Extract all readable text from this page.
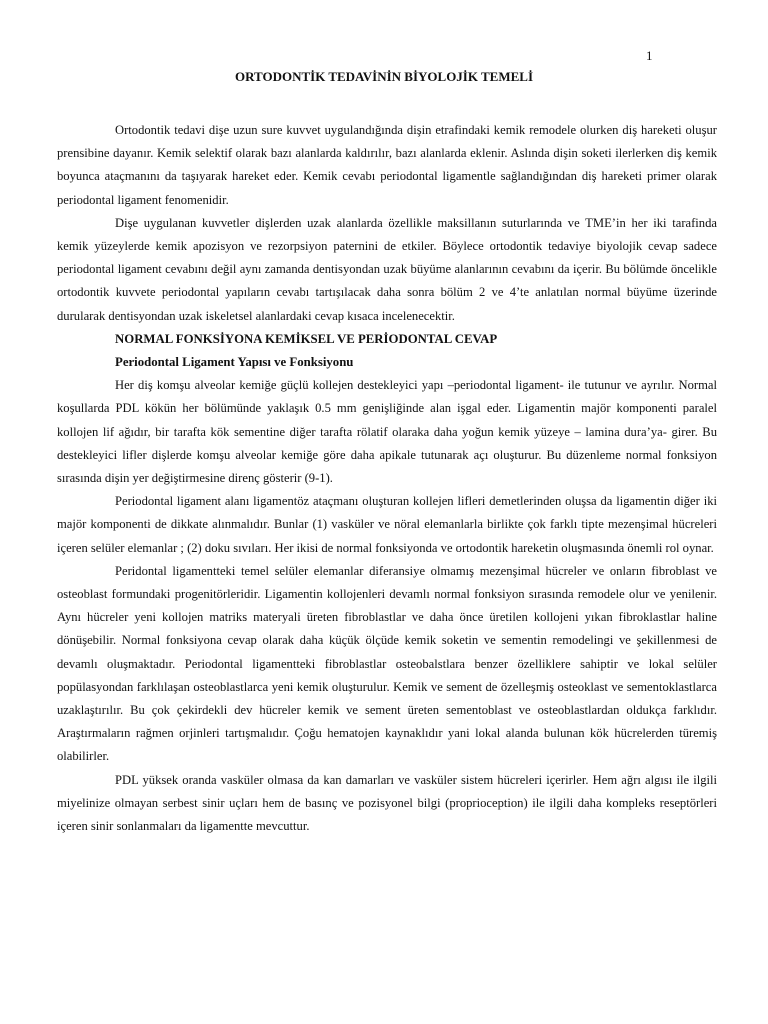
1
ORTODONTİK TEDAVİNİN BİYOLOJİK TEMELİ

Ortodontik tedavi dişe uzun sure kuvvet uygulandığında dişin etrafindaki kemik remodele olurken diş hareketi oluşur prensibine dayanır. Kemik selektif olarak bazı alanlarda kaldırılır, bazı alanlarda eklenir. Aslında dişin soketi ilerlerken diş kemik boyunca ataçmanını da taşıyarak hareket eder. Kemik cevabı periodontal ligamentle sağlandığından diş hareketi primer olarak periodontal ligament fenomenidir.

Dişe uygulanan kuvvetler dişlerden uzak alanlarda özellikle maksillanın suturlarında ve TME’in her iki tarafinda kemik yüzeylerde kemik apozisyon ve rezorpsiyon paternini de etkiler. Böylece ortodontik tedaviye biyolojik cevap sadece periodontal ligament cevabını değil aynı zamanda dentisyondan uzak büyüme alanlarının cevabını da içerir. Bu bölümde öncelikle ortodontik kuvvete periodontal yapıların cevabı tartışılacak daha sonra bölüm 2 ve 4’te anlatılan normal büyüme üzerinde durularak dentisyondan uzak iskeletsel alanlardaki cevap kısaca incelenecektir.

NORMAL FONKSİYONA KEMİKSEL VE PERİODONTAL CEVAP
Periodontal Ligament Yapısı ve Fonksiyonu

Her diş komşu alveolar kemiğe güçlü kollejen destekleyici yapı –periodontal ligament- ile tutunur ve ayrılır. Normal koşullarda PDL kökün her bölümünde yaklaşık 0.5 mm genişliğinde alan işgal eder. Ligamentin majör komponenti paralel kollojen lif ağıdır, bir tarafta kök sementine diğer tarafta rölatif olaraka daha yoğun kemik yüzeye – lamina dura’ya- girer. Bu destekleyici lifler dişlerde komşu alveolar kemiğe göre daha apikale tutunarak açı oluşturur. Bu düzenleme normal fonksiyon sırasında dişin yer değiştirmesine direnç gösterir (9-1).

Periodontal ligament alanı ligamentöz ataçmanı oluşturan kollejen lifleri demetlerinden oluşsa da ligamentin diğer iki majör komponenti de dikkate alınmalıdır. Bunlar (1) vasküler ve nöral elemanlarla birlikte çok farklı tipte mezenşimal hücreleri içeren selüler elemanlar ; (2) doku sıvıları. Her ikisi de normal fonksiyonda ve ortodontik hareketin oluşmasında önemli rol oynar.

Peridontal ligamentteki temel selüler elemanlar diferansiye olmamış mezenşimal hücreler ve onların fibroblast ve osteoblast formundaki progenitörleridir. Ligamentin kollojenleri devamlı normal fonksiyon sırasında remodele olur ve yenilenir. Aynı hücreler yeni kollojen matriks materyali üreten fibroblastlar ve daha önce üretilen kollojeni yıkan fibroklastlar haline dönüşebilir. Normal fonksiyona cevap olarak daha küçük ölçüde kemik soketin ve sementin remodelingi ve şekillenmesi de devamlı oluşmaktadır. Periodontal ligamentteki fibroblastlar osteobalstlara benzer özelliklere sahiptir ve lokal selüler popülasyondan farklılaşan osteoblastlarca yeni kemik oluşturulur. Kemik ve sement de özelleşmiş osteoklast ve sementoklastlarca uzaklaştırılır. Bu çok çekirdekli dev hücreler kemik ve sement üreten sementoblast ve osteoblastlardan oldukça farklıdır. Araştırmaların rağmen orjinleri tartışmalıdır. Çoğu hematojen kaynaklıdır yani lokal alanda bulunan kök hücrelerden türemiş olabilirler.

PDL yüksek oranda vasküler olmasa da kan damarları ve vasküler sistem hücreleri içerirler. Hem ağrı algısı ile ilgili miyelinize olmayan serbest sinir uçları hem de basınç ve pozisyonel bilgi (proprioception) ile ilgili daha kompleks reseptörleri içeren sinir sonlanmaları da ligamentte mevcuttur.
